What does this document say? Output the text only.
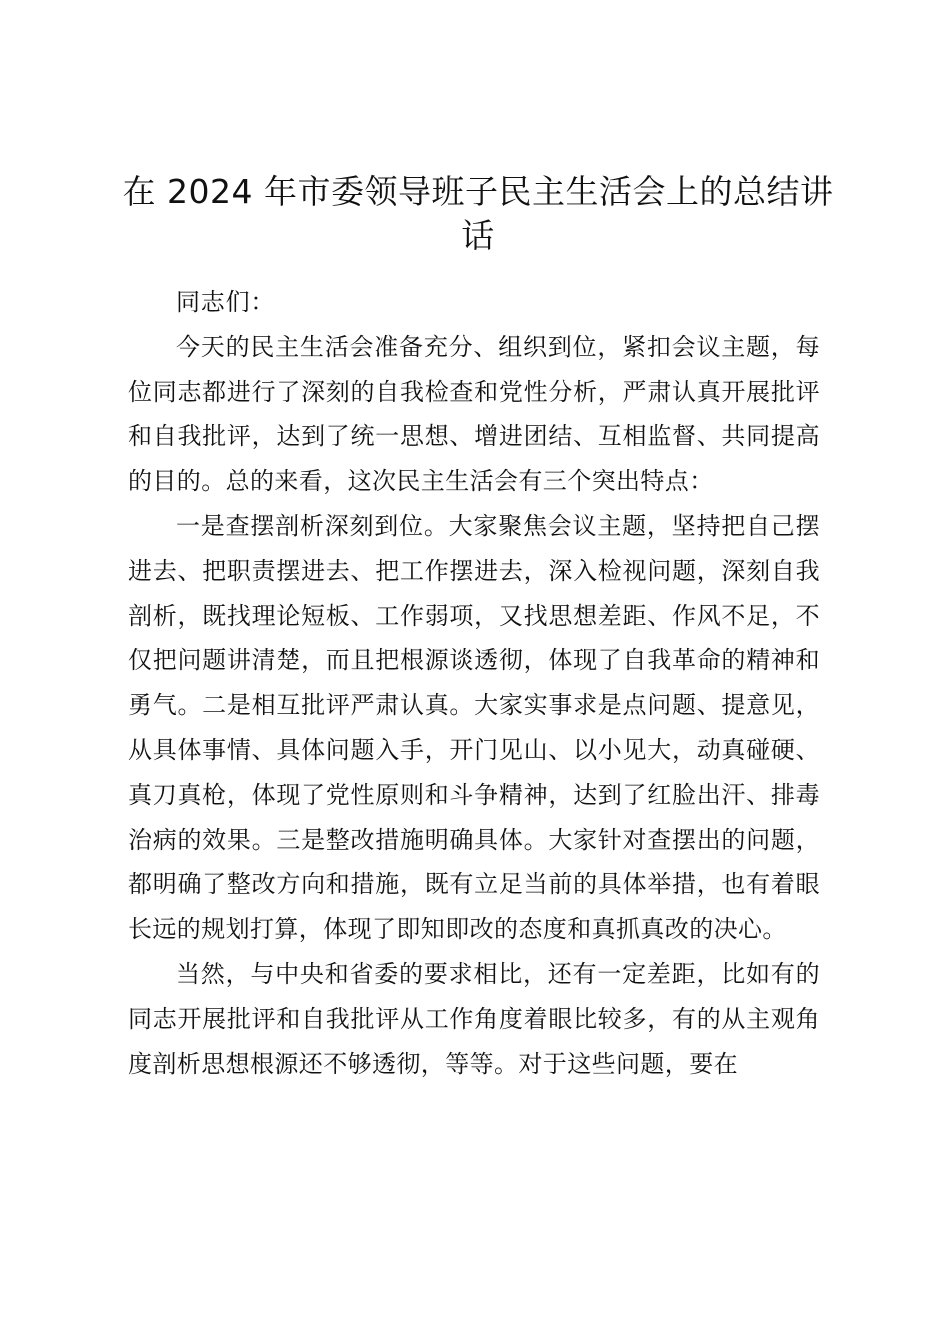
在 2024 年市委领导班子民主生活会上的总结讲话

同志们：

今天的民主生活会准备充分、组织到位，紧扣会议主题，每位同志都进行了深刻的自我检查和党性分析，严肃认真开展批评和自我批评，达到了统一思想、增进团结、互相监督、共同提高的目的。总的来看，这次民主生活会有三个突出特点：

一是查摆剖析深刻到位。大家聚焦会议主题，坚持把自己摆进去、把职责摆进去、把工作摆进去，深入检视问题，深刻自我剖析，既找理论短板、工作弱项，又找思想差距、作风不足，不仅把问题讲清楚，而且把根源谈透彻，体现了自我革命的精神和勇气。二是相互批评严肃认真。大家实事求是点问题、提意见，从具体事情、具体问题入手，开门见山、以小见大，动真碰硬、真刀真枪，体现了党性原则和斗争精神，达到了红脸出汗、排毒治病的效果。三是整改措施明确具体。大家针对查摆出的问题，都明确了整改方向和措施，既有立足当前的具体举措，也有着眼长远的规划打算，体现了即知即改的态度和真抓真改的决心。

当然，与中央和省委的要求相比，还有一定差距，比如有的同志开展批评和自我批评从工作角度着眼比较多，有的从主观角度剖析思想根源还不够透彻，等等。对于这些问题，要在
